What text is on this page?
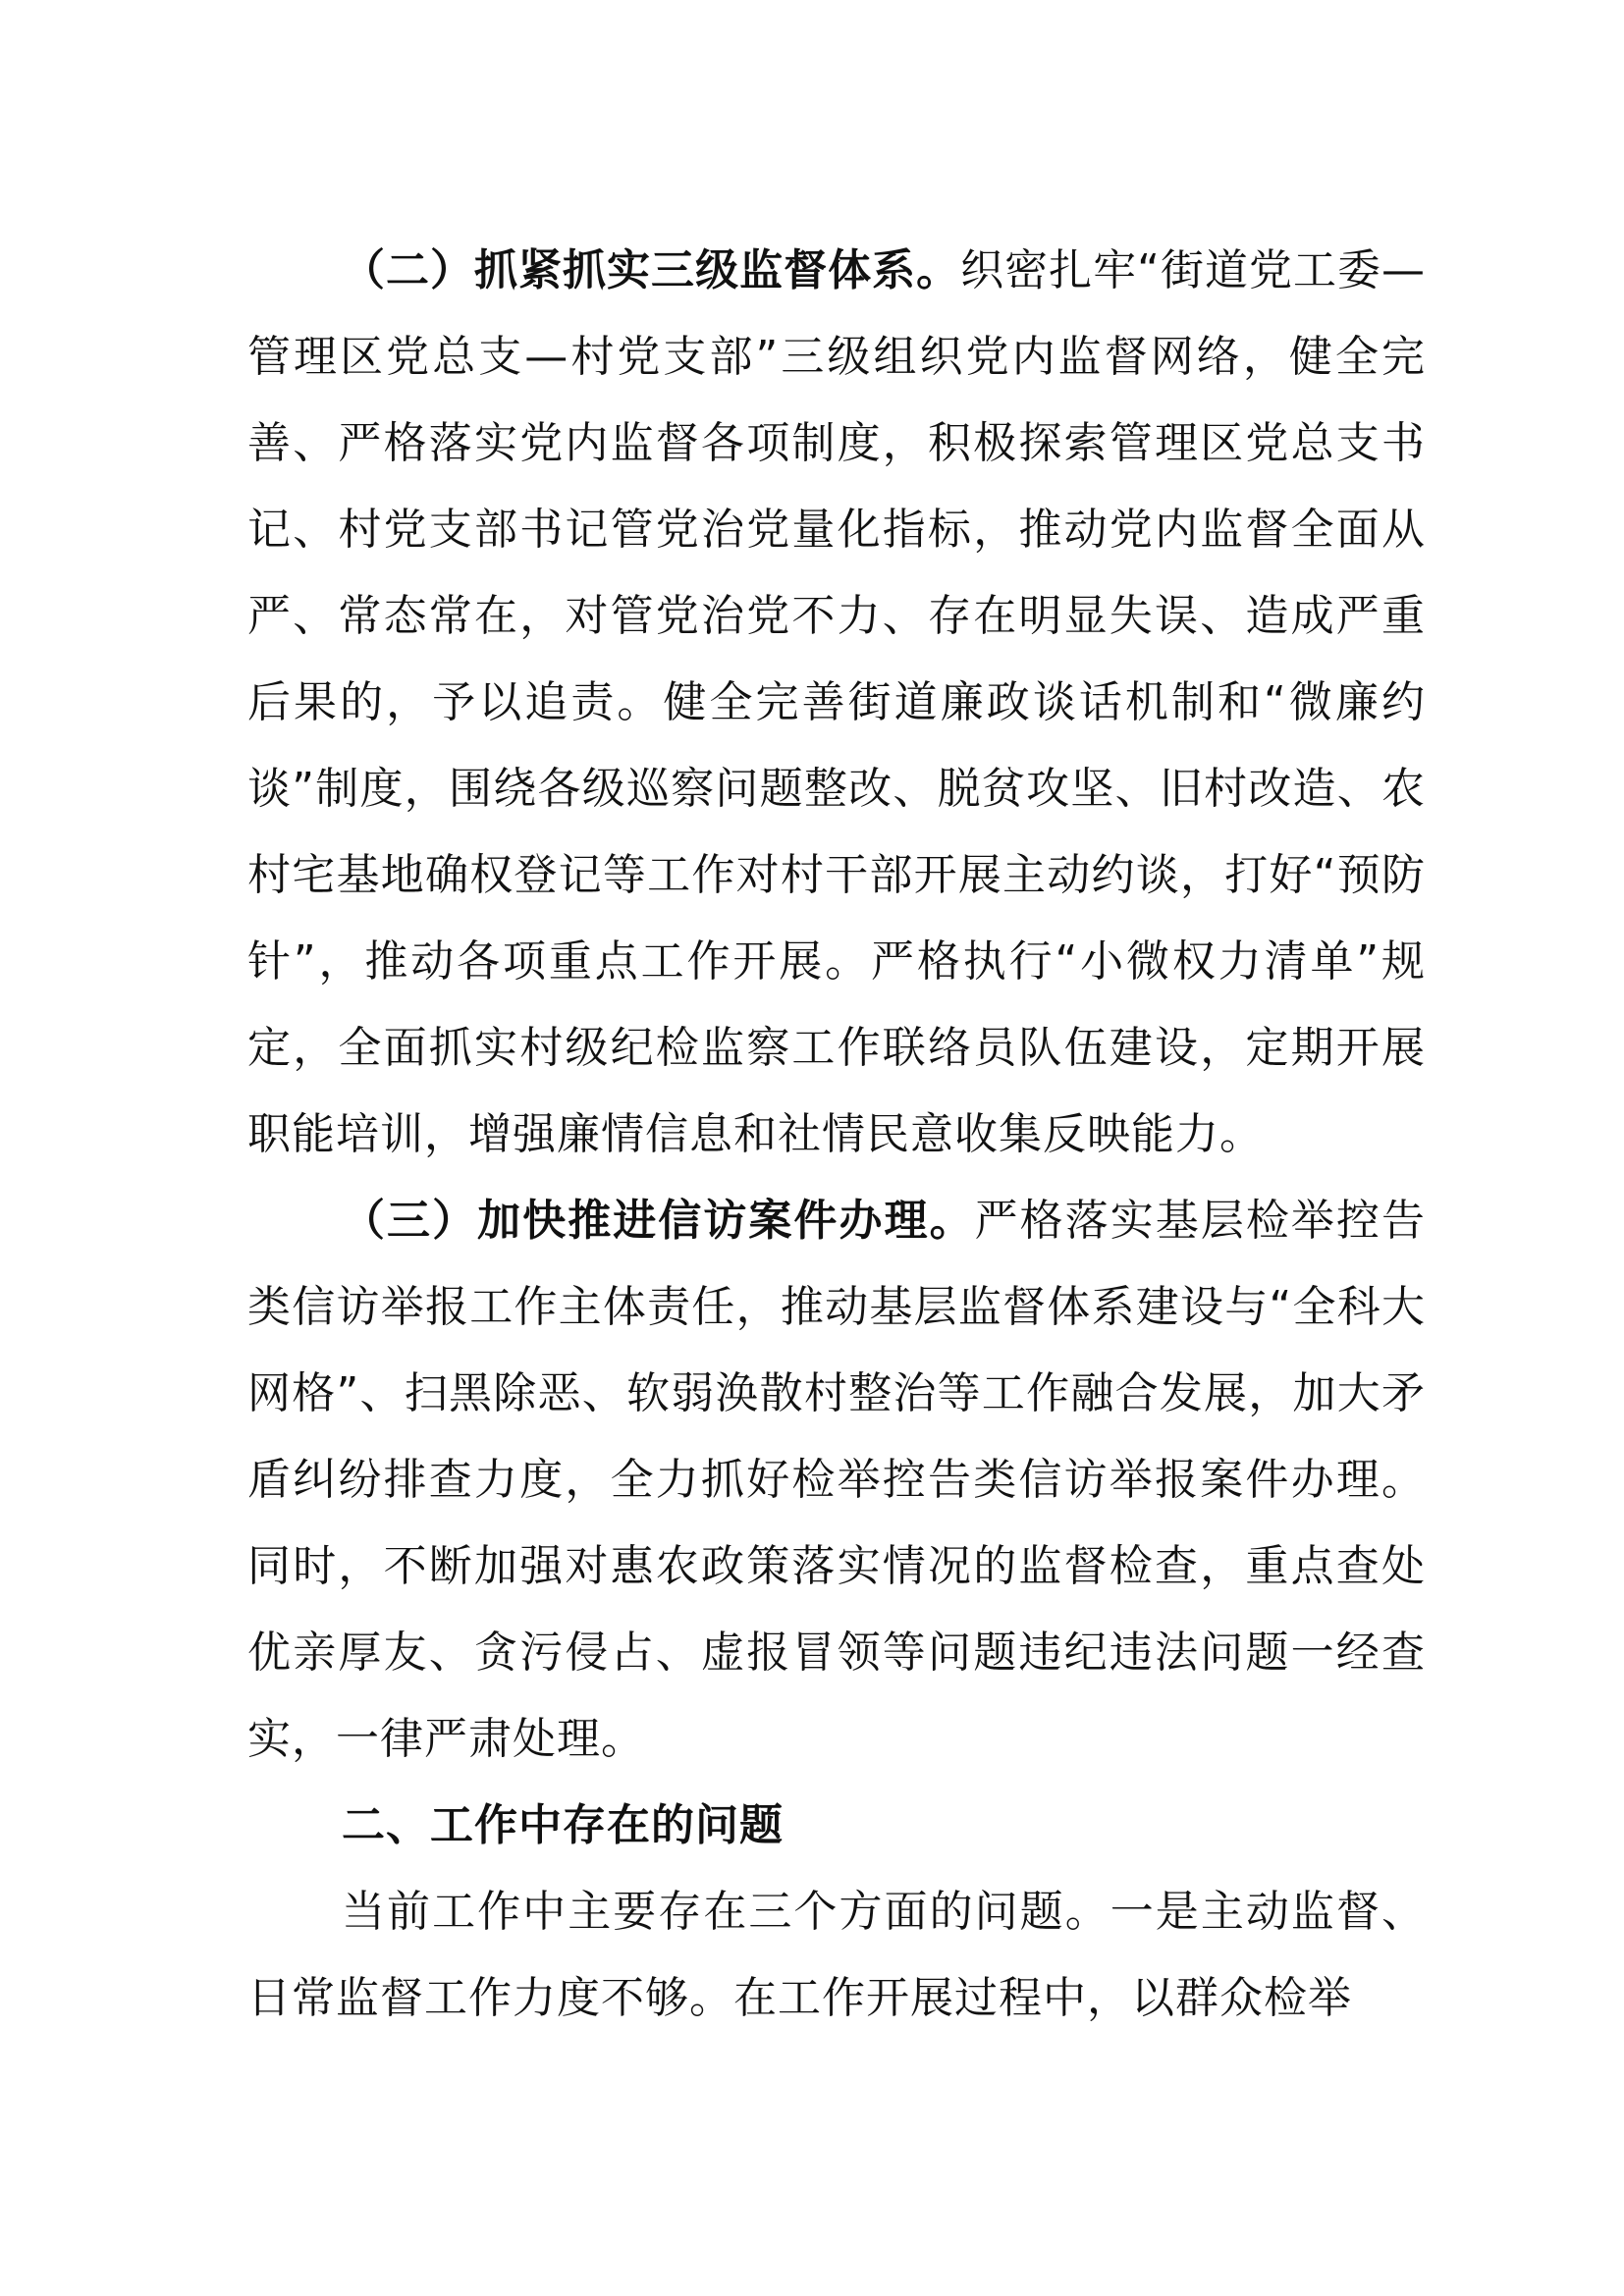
（二）抓紧抓实三级监督体系。织密扎牢“街道党工委—管理区党总支—村党支部”三级组织党内监督网络，健全完善、严格落实党内监督各项制度，积极探索管理区党总支书记、村党支部书记管党治党量化指标，推动党内监督全面从严、常态常在，对管党治党不力、存在明显失误、造成严重后果的，予以追责。健全完善街道廉政谈话机制和“微廉约谈”制度，围绕各级巡察问题整改、脱贫攻坚、旧村改造、农村宅基地确权登记等工作对村干部开展主动约谈，打好“预防针”，推动各项重点工作开展。严格执行“小微权力清单”规定，全面抓实村级纪检监察工作联络员队伍建设，定期开展职能培训，增强廉情信息和社情民意收集反映能力。

（三）加快推进信访案件办理。严格落实基层检举控告类信访举报工作主体责任，推动基层监督体系建设与“全科大网格”、扫黑除恶、软弱涣散村整治等工作融合发展，加大矛盾纠纷排查力度，全力抓好检举控告类信访举报案件办理。同时，不断加强对惠农政策落实情况的监督检查，重点查处优亲厚友、贪污侵占、虚报冒领等问题违纪违法问题一经查实，一律严肃处理。

二、工作中存在的问题

当前工作中主要存在三个方面的问题。一是主动监督、日常监督工作力度不够。在工作开展过程中，以群众检举
